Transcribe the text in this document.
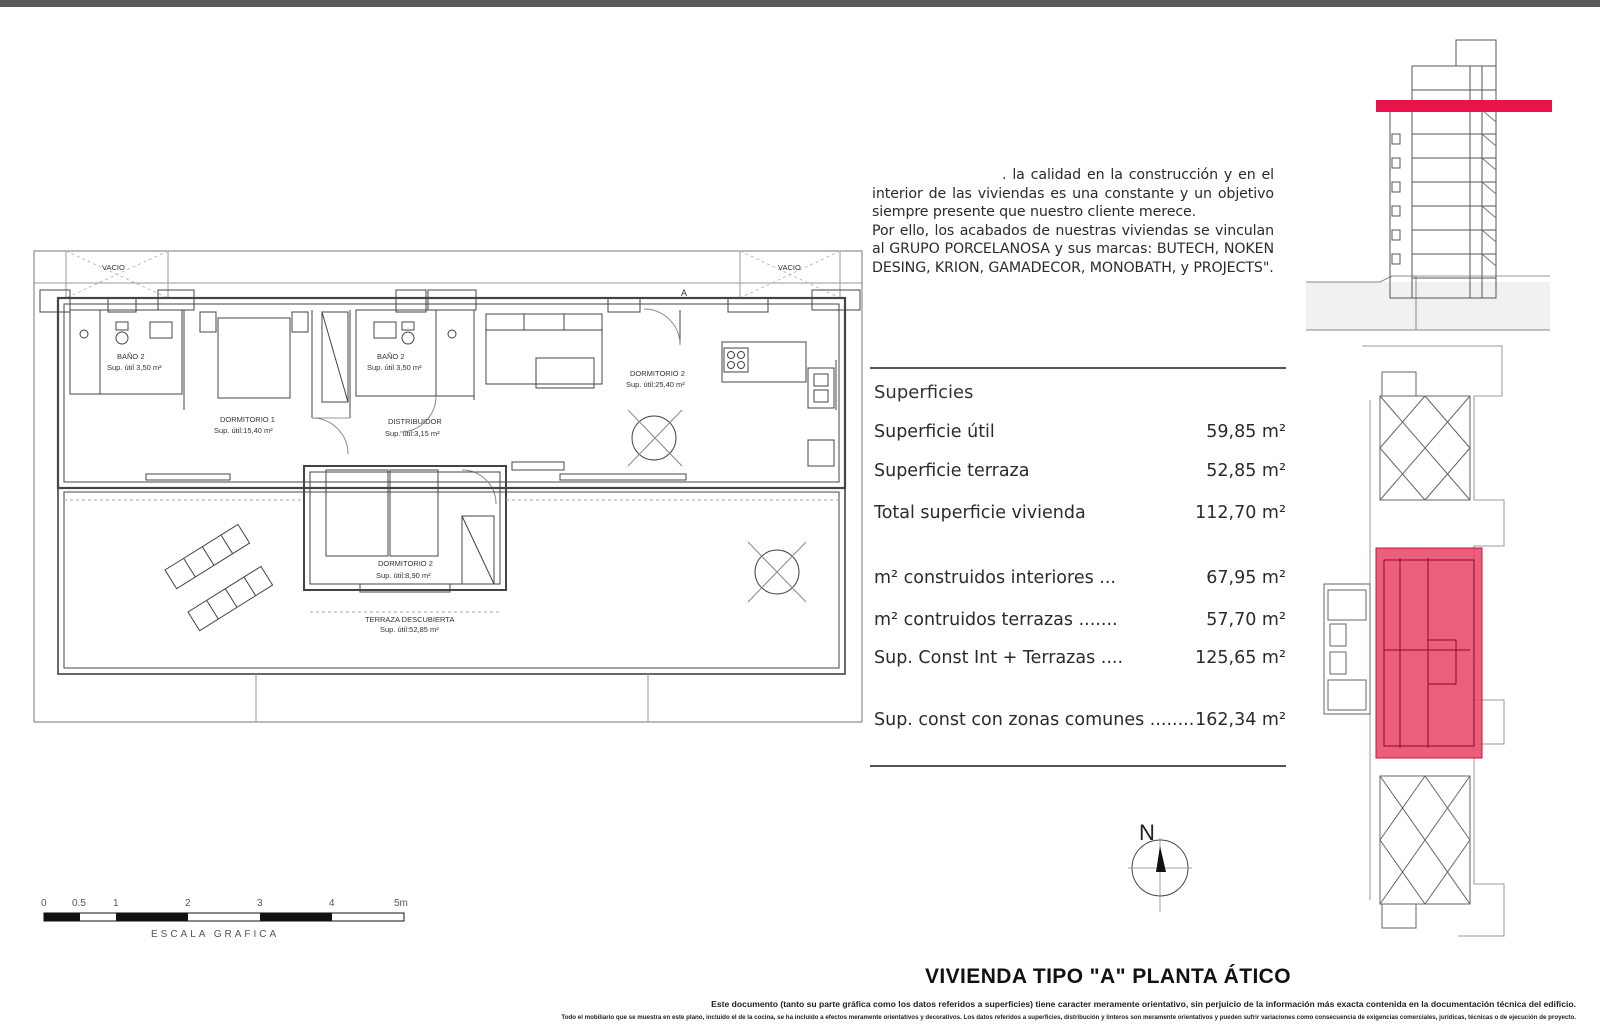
VACIO	VACIO
A
BAÑO 2
Sup. útil 3,50 m²
BAÑO 2
Sup. útil 3,50 m²
DORMITORIO 1
Sup. útil:15,40 m²
DISTRIBUIDOR
Sup. útil:3,15 m²
DORMITORIO 2
Sup. útil:25,40 m²
DORMITORIO 2
Sup. útil:8,90 m²
TERRAZA DESCUBIERTA
Sup. útil:52,85 m²
0	0.5	1	2	3	4	5m
ESCALA GRAFICA
N

. la calidad en la construcción y en el interior de las viviendas es una constante y un objetivo siempre presente que nuestro cliente merece.

Por ello, los acabados de nuestras viviendas se vinculan al GRUPO PORCELANOSA y sus marcas: BUTECH, NOKEN DESING, KRION, GAMADECOR, MONOBATH, y PROJECTS".

Superficies
Superficie útil	59,85 m²
Superficie terraza	52,85 m²
Total superficie vivienda	112,70 m²
m² construidos interiores ...	67,95 m²
m² contruidos terrazas .......	57,70 m²
Sup. Const Int + Terrazas ....	125,65 m²
Sup. const con zonas comunes ........ 162,34 m²
VIVIENDA TIPO "A" PLANTA ÁTICO
Este documento (tanto su parte gráfica como los datos referidos a superficies) tiene caracter meramente orientativo, sin perjuicio de la información más exacta contenida en la documentación técnica del edificio.
Todo el mobiliario que se muestra en este plano, incluido el de la cocina, se ha incluido a efectos meramente orientativos y decorativos. Los datos referidos a superficies, distribución y linteros son meramente orientativos y pueden sufrir variaciones como consecuencia de exigencias comerciales, jurídicas, técnicas o de ejecución de proyecto.
